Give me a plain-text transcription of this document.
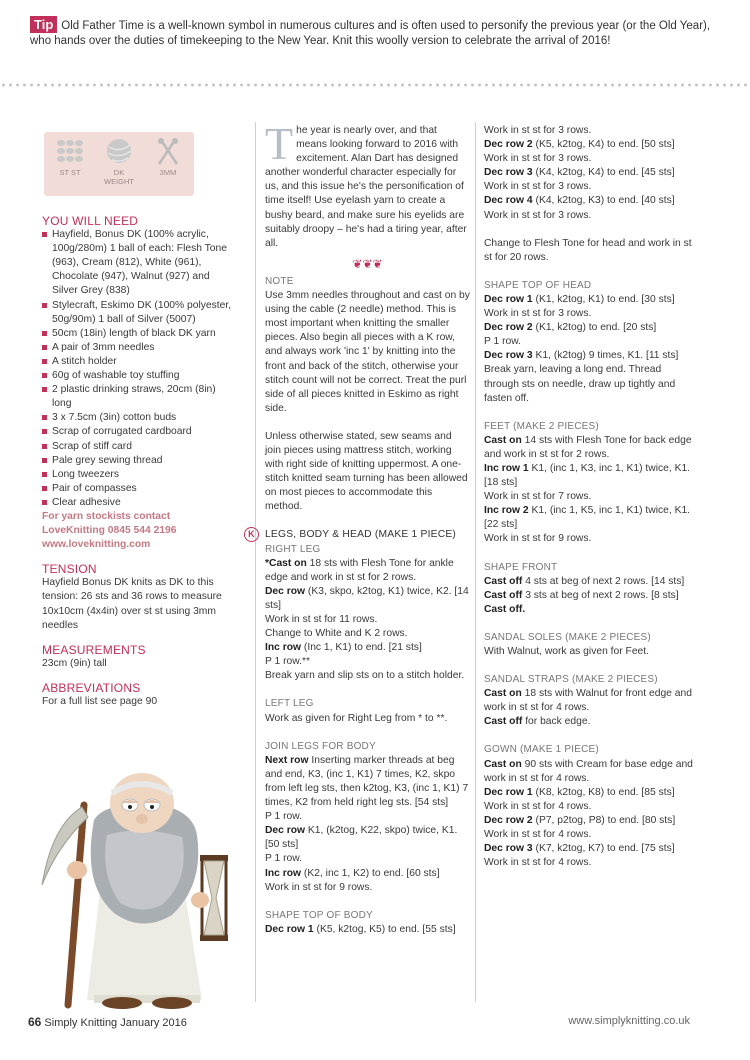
Tip Old Father Time is a well-known symbol in numerous cultures and is often used to personify the previous year (or the Old Year), who hands over the duties of timekeeping to the New Year. Knit this woolly version to celebrate the arrival of 2016!
ST ST	DK WEIGHT
3MM
YOU WILL NEED

Hayfield, Bonus DK (100% acrylic, 100g/280m) 1 ball of each: Flesh Tone (963), Cream (812), White (961), Chocolate (947), Walnut (927) and Silver Grey (838)

Stylecraft, Eskimo DK (100% polyester, 50g/90m) 1 ball of Silver (5007)

50cm (18in) length of black DK yarn

A pair of 3mm needles

A stitch holder

60g of washable toy stuffing

2 plastic drinking straws, 20cm (8in) long

3 x 7.5cm (3in) cotton buds

Scrap of corrugated cardboard

Scrap of stiff card

Pale grey sewing thread

Long tweezers

Pair of compasses

Clear adhesive

For yarn stockists contact

LoveKnitting 0845 544 2196

www.loveknitting.com

TENSION

Hayfield Bonus DK knits as DK to this tension: 26 sts and 36 rows to measure 10x10cm (4x4in) over st st using 3mm needles

MEASUREMENTS

23cm (9in) tall

ABBREVIATIONS

For a full list see page 90

The year is nearly over, and that means looking forward to 2016 with excitement. Alan Dart has designed another wonderful character especially for us, and this issue he's the personification of time itself! Use eyelash yarn to create a bushy beard, and make sure his eyelids are suitably droopy – he's had a tiring year, after all.
❦❦❦
NOTE

Use 3mm needles throughout and cast on by using the cable (2 needle) method. This is most important when knitting the smaller pieces. Also begin all pieces with a K row, and always work 'inc 1' by knitting into the front and back of the stitch, otherwise your stitch count will not be correct. Treat the purl side of all pieces knitted in Eskimo as right side.

Unless otherwise stated, sew seams and join pieces using mattress stitch, working with right side of knitting uppermost. A one-stitch knitted seam turning has been allowed on most pieces to accommodate this method.

K LEGS, BODY & HEAD (MAKE 1 PIECE)
RIGHT LEG

*Cast on 18 sts with Flesh Tone for ankle edge and work in st st for 2 rows.

Dec row (K3, skpo, k2tog, K1) twice, K2. [14 sts]

Work in st st for 11 rows.

Change to White and K 2 rows.

Inc row (Inc 1, K1) to end. [21 sts]

P 1 row.**

Break yarn and slip sts on to a stitch holder.

LEFT LEG

Work as given for Right Leg from * to **.

JOIN LEGS FOR BODY

Next row Inserting marker threads at beg and end, K3, (inc 1, K1) 7 times, K2, skpo from left leg sts, then k2tog, K3, (inc 1, K1) 7 times, K2 from held right leg sts. [54 sts]

P 1 row.

Dec row K1, (k2tog, K22, skpo) twice, K1. [50 sts]

P 1 row.

Inc row (K2, inc 1, K2) to end. [60 sts]

Work in st st for 9 rows.

SHAPE TOP OF BODY

Dec row 1 (K5, k2tog, K5) to end. [55 sts]

Work in st st for 3 rows.

Dec row 2 (K5, k2tog, K4) to end. [50 sts]

Work in st st for 3 rows.

Dec row 3 (K4, k2tog, K4) to end. [45 sts]

Work in st st for 3 rows.

Dec row 4 (K4, k2tog, K3) to end. [40 sts]

Work in st st for 3 rows.

Change to Flesh Tone for head and work in st st for 20 rows.

SHAPE TOP OF HEAD

Dec row 1 (K1, k2tog, K1) to end. [30 sts]

Work in st st for 3 rows.

Dec row 2 (K1, k2tog) to end. [20 sts]

P 1 row.

Dec row 3 K1, (k2tog) 9 times, K1. [11 sts]

Break yarn, leaving a long end. Thread through sts on needle, draw up tightly and fasten off.

FEET (MAKE 2 PIECES)

Cast on 14 sts with Flesh Tone for back edge and work in st st for 2 rows.

Inc row 1 K1, (inc 1, K3, inc 1, K1) twice, K1. [18 sts]

Work in st st for 7 rows.

Inc row 2 K1, (inc 1, K5, inc 1, K1) twice, K1. [22 sts]

Work in st st for 9 rows.

SHAPE FRONT

Cast off 4 sts at beg of next 2 rows. [14 sts]

Cast off 3 sts at beg of next 2 rows. [8 sts]

Cast off.

SANDAL SOLES (MAKE 2 PIECES)

With Walnut, work as given for Feet.

SANDAL STRAPS (MAKE 2 PIECES)

Cast on 18 sts with Walnut for front edge and work in st st for 4 rows.

Cast off for back edge.

GOWN (MAKE 1 PIECE)

Cast on 90 sts with Cream for base edge and work in st st for 4 rows.

Dec row 1 (K8, k2tog, K8) to end. [85 sts]

Work in st st for 4 rows.

Dec row 2 (P7, p2tog, P8) to end. [80 sts]

Work in st st for 4 rows.

Dec row 3 (K7, k2tog, K7) to end. [75 sts]

Work in st st for 4 rows.

66 Simply Knitting January 2016	www.simplyknitting.co.uk
